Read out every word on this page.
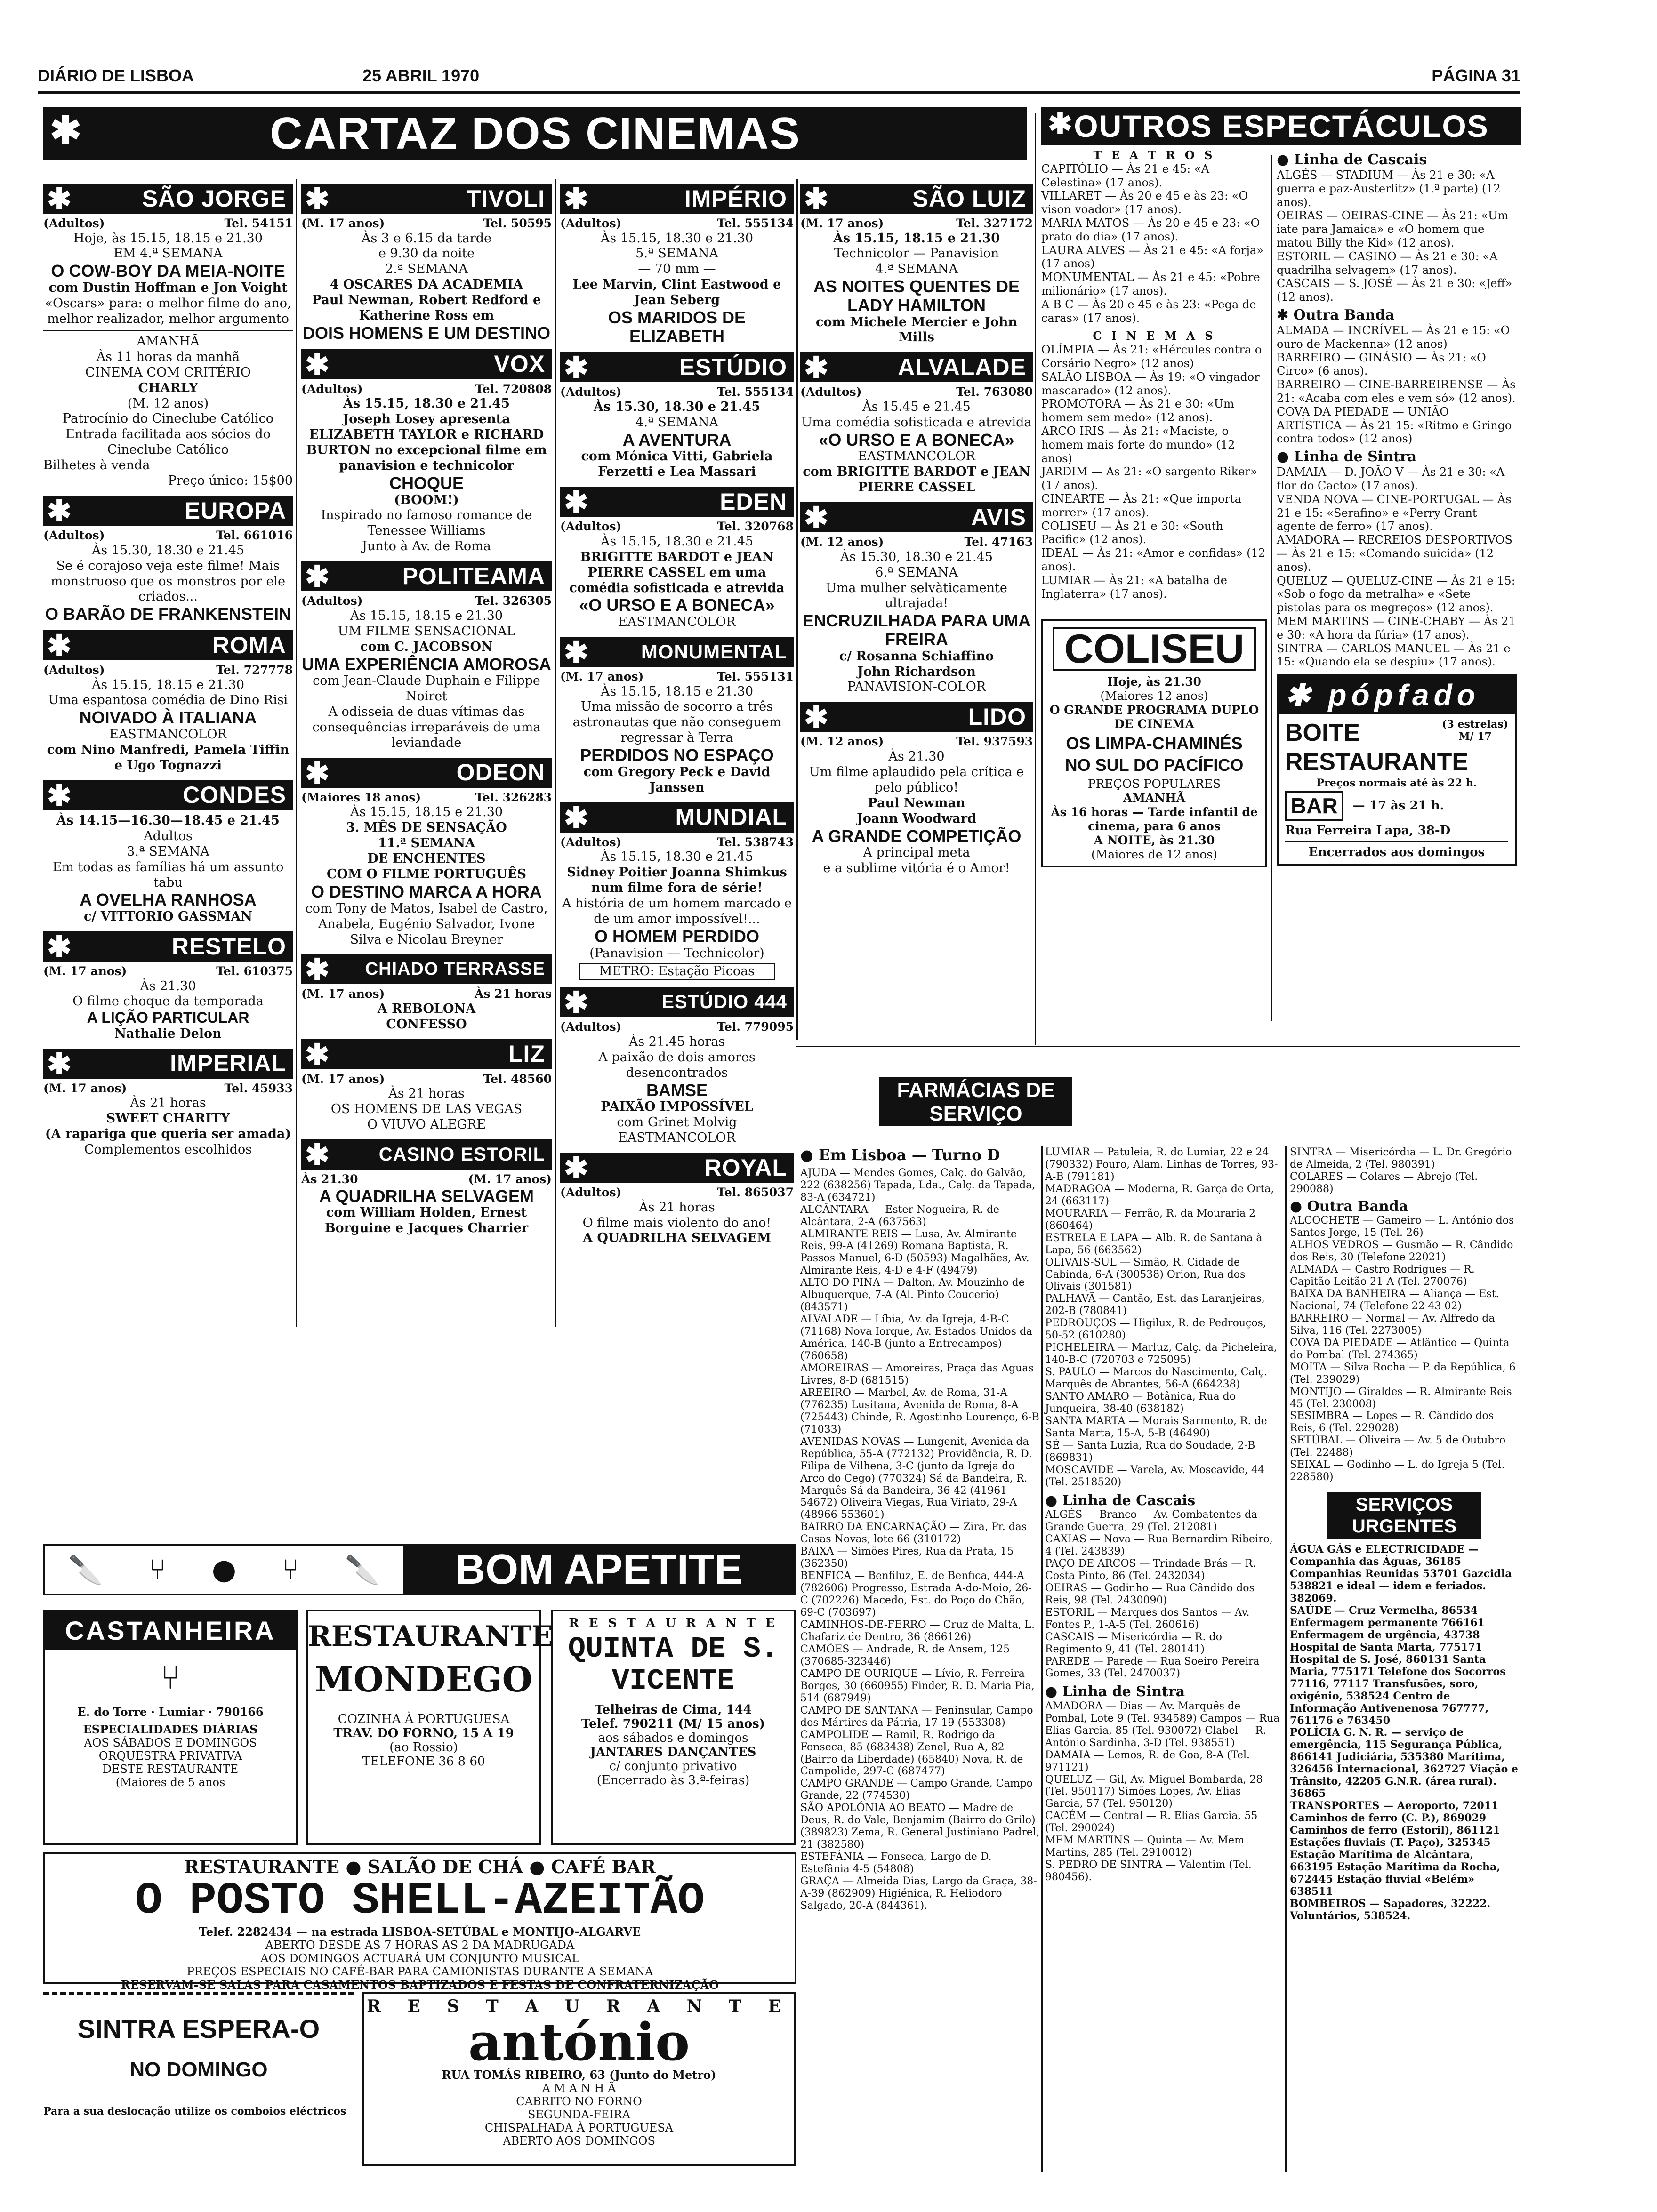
DIÁRIO DE LISBOA	25 ABRIL 1970	PÁGINA 31
✱	CARTAZ DOS CINEMAS	✱ OUTROS ESPECTÁCULOS
✱	SÃO JORGE
(Adultos)	Tel. 54151
Hoje, às 15.15, 18.15 e 21.30
EM 4.ª SEMANA
O COW-BOY DA MEIA-NOITE
com Dustin Hoffman e Jon Voight
«Oscars» para: o melhor filme do ano, melhor realizador, melhor argumento
AMANHÃ
Às 11 horas da manhã
CINEMA COM CRITÉRIO
CHARLY
(M. 12 anos)
Patrocínio do Cineclube Católico
Entrada facilitada aos sócios do Cineclube Católico
Bilhetes à venda
Preço único: 15$00
✱	EUROPA
(Adultos)	Tel. 661016
Às 15.30, 18.30 e 21.45
Se é corajoso veja este filme! Mais monstruoso que os monstros por ele criados...
O BARÃO DE FRANKENSTEIN
✱	ROMA
(Adultos)	Tel. 727778
Às 15.15, 18.15 e 21.30
Uma espantosa comédia de Dino Risi
NOIVADO À ITALIANA
EASTMANCOLOR
com Nino Manfredi, Pamela Tiffin e Ugo Tognazzi
✱	CONDES
Às 14.15—16.30—18.45 e 21.45
Adultos
3.ª SEMANA
Em todas as famílias há um assunto tabu
A OVELHA RANHOSA
c/ VITTORIO GASSMAN
✱	RESTELO
(M. 17 anos)	Tel. 610375
Às 21.30
O filme choque da temporada
A LIÇÃO PARTICULAR
Nathalie Delon
✱	IMPERIAL
(M. 17 anos)	Tel. 45933
Às 21 horas
SWEET CHARITY
(A rapariga que queria ser amada)
Complementos escolhidos
✱	TIVOLI
(M. 17 anos)	Tel. 50595
Às 3 e 6.15 da tarde
e 9.30 da noite
2.ª SEMANA
4 OSCARES DA ACADEMIA
Paul Newman, Robert Redford e Katherine Ross em
DOIS HOMENS E UM DESTINO
✱	VOX
(Adultos)	Tel. 720808
Às 15.15, 18.30 e 21.45
Joseph Losey apresenta ELIZABETH TAYLOR e RICHARD BURTON no excepcional filme em panavision e technicolor
CHOQUE
(BOOM!)
Inspirado no famoso romance de Tenessee Williams
Junto à Av. de Roma
✱	POLITEAMA
(Adultos)	Tel. 326305
Às 15.15, 18.15 e 21.30
UM FILME SENSACIONAL
com C. JACOBSON
UMA EXPERIÊNCIA AMOROSA
com Jean-Claude Duphain e Filippe Noiret
A odisseia de duas vítimas das consequências irreparáveis de uma leviandade
✱	ODEON
(Maiores 18 anos)	Tel. 326283
Às 15.15, 18.15 e 21.30
3. MÊS DE SENSAÇÃO
11.ª SEMANA
DE ENCHENTES
COM O FILME PORTUGUÊS
O DESTINO MARCA A HORA
com Tony de Matos, Isabel de Castro, Anabela, Eugénio Salvador, Ivone Silva e Nicolau Breyner
✱ CHIADO TERRASSE
(M. 17 anos)	Às 21 horas
A REBOLONA
CONFESSO
✱	LIZ
(M. 17 anos)	Tel. 48560
Às 21 horas
OS HOMENS DE LAS VEGAS
O VIUVO ALEGRE
✱	CASINO ESTORIL
Às 21.30	(M. 17 anos)
A QUADRILHA SELVAGEM
com William Holden, Ernest Borguine e Jacques Charrier
✱	IMPÉRIO
(Adultos)	Tel. 555134
Às 15.15, 18.30 e 21.30
5.ª SEMANA
— 70 mm —
Lee Marvin, Clint Eastwood e Jean Seberg
OS MARIDOS DE ELIZABETH
✱	ESTÚDIO
(Adultos)	Tel. 555134
Às 15.30, 18.30 e 21.45
4.ª SEMANA
A AVENTURA
com Mónica Vitti, Gabriela Ferzetti e Lea Massari
✱	EDEN
(Adultos)	Tel. 320768
Às 15.15, 18.30 e 21.45
BRIGITTE BARDOT e JEAN PIERRE CASSEL em uma comédia sofisticada e atrevida
«O URSO E A BONECA»
EASTMANCOLOR
✱	MONUMENTAL
(M. 17 anos)	Tel. 555131
Às 15.15, 18.15 e 21.30
Uma missão de socorro a três astronautas que não conseguem regressar à Terra
PERDIDOS NO ESPAÇO
com Gregory Peck e David Janssen
✱	MUNDIAL
(Adultos)	Tel. 538743
Às 15.15, 18.30 e 21.45
Sidney Poitier Joanna Shimkus num filme fora de série!
A história de um homem marcado e de um amor impossível!...
O HOMEM PERDIDO
(Panavision — Technicolor)
METRO: Estação Picoas
✱	ESTÚDIO 444
(Adultos)	Tel. 779095
Às 21.45 horas
A paixão de dois amores desencontrados
BAMSE
PAIXÃO IMPOSSÍVEL
com Grinet Molvig
EASTMANCOLOR
✱	ROYAL
(Adultos)	Tel. 865037
Às 21 horas
O filme mais violento do ano!
A QUADRILHA SELVAGEM
✱	SÃO LUIZ
(M. 17 anos)	Tel. 327172
Às 15.15, 18.15 e 21.30
Technicolor — Panavision
4.ª SEMANA
AS NOITES QUENTES DE LADY HAMILTON
com Michele Mercier e John Mills
✱	ALVALADE
(Adultos)	Tel. 763080
Às 15.45 e 21.45
Uma comédia sofisticada e atrevida
«O URSO E A BONECA»
EASTMANCOLOR
com BRIGITTE BARDOT e JEAN PIERRE CASSEL
✱	AVIS
(M. 12 anos)	Tel. 47163
Às 15.30, 18.30 e 21.45
6.ª SEMANA
Uma mulher selvàticamente ultrajada!
ENCRUZILHADA PARA UMA FREIRA
c/ Rosanna Schiaffino
John Richardson
PANAVISION-COLOR
✱	LIDO
(M. 12 anos)	Tel. 937593
Às 21.30
Um filme aplaudido pela crítica e pelo público!
Paul Newman
Joann Woodward
A GRANDE COMPETIÇÃO
A principal meta
e a sublime vitória é o Amor!
T E A T R O S
CAPITÓLIO — Às 21 e 45: «A Celestina» (17 anos).
VILLARET — Às 20 e 45 e às 23: «O vison voador» (17 anos).
MARIA MATOS — Às 20 e 45 e 23: «O prato do dia» (17 anos).
LAURA ALVES — Às 21 e 45: «A forja» (17 anos)
MONUMENTAL — Às 21 e 45: «Pobre milionário» (17 anos).
A B C — Às 20 e 45 e às 23: «Pega de caras» (17 anos).
C I N E M A S
OLÍMPIA — Às 21: «Hércules contra o Corsário Negro» (12 anos)
SALÃO LISBOA — Às 19: «O vingador mascarado» (12 anos).
PROMOTORA — Às 21 e 30: «Um homem sem medo» (12 anos).
ARCO IRIS — Às 21: «Maciste, o homem mais forte do mundo» (12 anos)
JARDIM — Às 21: «O sargento Riker» (17 anos).
CINEARTE — Às 21: «Que importa morrer» (17 anos).
COLISEU — Às 21 e 30: «South Pacific» (12 anos).
IDEAL — Às 21: «Amor e confidas» (12 anos).
LUMIAR — Às 21: «A batalha de Inglaterra» (17 anos).
COLISEU
Hoje, às 21.30
(Maiores 12 anos)
O GRANDE PROGRAMA DUPLO DE CINEMA
OS LIMPA-CHAMINÉS
NO SUL DO PACÍFICO
PREÇOS POPULARES
AMANHÃ
Às 16 horas — Tarde infantil de cinema, para 6 anos
A NOITE, às 21.30
(Maiores de 12 anos)
● Linha de Cascais
ALGÉS — STADIUM — Às 21 e 30: «A guerra e paz-Austerlitz» (1.ª parte) (12 anos).
OEIRAS — OEIRAS-CINE — Às 21: «Um iate para Jamaica» e «O homem que matou Billy the Kid» (12 anos).
ESTORIL — CASINO — Às 21 e 30: «A quadrilha selvagem» (17 anos).
CASCAIS — S. JOSÉ — Às 21 e 30: «Jeff» (12 anos).
✱ Outra Banda
ALMADA — INCRÍVEL — Às 21 e 15: «O ouro de Mackenna» (12 anos)
BARREIRO — GINÁSIO — Às 21: «O Circo» (6 anos).
BARREIRO — CINE-BARREIRENSE — Às 21: «Acaba com eles e vem só» (12 anos).
COVA DA PIEDADE — UNIÃO ARTÍSTICA — Às 21 15: «Ritmo e Gringo contra todos» (12 anos)
● Linha de Sintra
DAMAIA — D. JOÃO V — Às 21 e 30: «A flor do Cacto» (17 anos).
VENDA NOVA — CINE-PORTUGAL — Às 21 e 15: «Serafino» e «Perry Grant agente de ferro» (17 anos).
AMADORA — RECREIOS DESPORTIVOS — Às 21 e 15: «Comando suicida» (12 anos).
QUELUZ — QUELUZ-CINE — Às 21 e 15: «Sob o fogo da metralha» e «Sete pistolas para os megreços» (12 anos).
MEM MARTINS — CINE-CHABY — Às 21 e 30: «A hora da fúria» (17 anos).
SINTRA — CARLOS MANUEL — Às 21 e 15: «Quando ela se despiu» (17 anos).
✱ pópfado
BOITE	(3 estrelas)
M/ 17
RESTAURANTE
Preços normais até às 22 h.
BAR	— 17 às 21 h.
Rua Ferreira Lapa, 38-D
Encerrados aos domingos
FARMÁCIAS DE SERVIÇO
● Em Lisboa — Turno D
AJUDA — Mendes Gomes, Calç. do Galvão, 222 (638256) Tapada, Lda., Calç. da Tapada, 83-A (634721)
ALCÂNTARA — Ester Nogueira, R. de Alcântara, 2-A (637563)
ALMIRANTE REIS — Lusa, Av. Almirante Reis, 99-A (41269) Romana Baptista, R. Passos Manuel, 6-D (50593) Magalhães, Av. Almirante Reis, 4-D e 4-F (49479)
ALTO DO PINA — Dalton, Av. Mouzinho de Albuquerque, 7-A (Al. Pinto Coucerio) (843571)
ALVALADE — Líbia, Av. da Igreja, 4-B-C (71168) Nova Iorque, Av. Estados Unidos da América, 140-B (junto a Entrecampos) (760658)
AMOREIRAS — Amoreiras, Praça das Águas Livres, 8-D (681515)
AREEIRO — Marbel, Av. de Roma, 31-A (776235) Lusitana, Avenida de Roma, 8-A (725443) Chinde, R. Agostinho Lourenço, 6-B (71033)
AVENIDAS NOVAS — Lungenit, Avenida da República, 55-A (772132) Providência, R. D. Filipa de Vilhena, 3-C (junto da Igreja do Arco do Cego) (770324) Sá da Bandeira, R. Marquês Sá da Bandeira, 36-42 (41961-54672) Oliveira Viegas, Rua Viriato, 29-A (48966-553601)
BAIRRO DA ENCARNAÇÃO — Zira, Pr. das Casas Novas, lote 66 (310172)
BAIXA — Simões Pires, Rua da Prata, 15 (362350)
BENFICA — Benfiluz, E. de Benfica, 444-A (782606) Progresso, Estrada A-do-Moio, 26-C (702226) Macedo, Est. do Poço do Chão, 69-C (703697)
CAMINHOS-DE-FERRO — Cruz de Malta, L. Chafariz de Dentro, 36 (866126)
CAMÕES — Andrade, R. de Ansem, 125 (370685-323446)
CAMPO DE OURIQUE — Lívio, R. Ferreira Borges, 30 (660955) Finder, R. D. Maria Pia, 514 (687949)
CAMPO DE SANTANA — Peninsular, Campo dos Mártires da Pátria, 17-19 (553308)
CAMPOLIDE — Ramil, R. Rodrigo da Fonseca, 85 (683438) Zenel, Rua A, 82 (Bairro da Liberdade) (65840) Nova, R. de Campolide, 297-C (687477)
CAMPO GRANDE — Campo Grande, Campo Grande, 22 (774530)
SÃO APOLÓNIA AO BEATO — Madre de Deus, R. do Vale, Benjamim (Bairro do Grilo) (389823) Zema, R. General Justiniano Padrel, 21 (382580)
ESTEFÂNIA — Fonseca, Largo de D. Estefânia 4-5 (54808)
GRAÇA — Almeida Dias, Largo da Graça, 38-A-39 (862909) Higiénica, R. Heliodoro Salgado, 20-A (844361).
LUMIAR — Patuleia, R. do Lumiar, 22 e 24 (790332) Pouro, Alam. Linhas de Torres, 93-A-B (791181)
MADRAGOA — Moderna, R. Garça de Orta, 24 (663117)
MOURARIA — Ferrão, R. da Mouraria 2 (860464)
ESTRELA E LAPA — Alb, R. de Santana à Lapa, 56 (663562)
OLIVAIS-SUL — Simão, R. Cidade de Cabinda, 6-A (300538) Orion, Rua dos Olivais (301581)
PALHAVÃ — Cantão, Est. das Laranjeiras, 202-B (780841)
PEDROUÇOS — Higilux, R. de Pedrouços, 50-52 (610280)
PICHELEIRA — Marluz, Calç. da Picheleira, 140-B-C (720703 e 725095)
S. PAULO — Marcos do Nascimento, Calç. Marquês de Abrantes, 56-A (664238)
SANTO AMARO — Botânica, Rua do Junqueira, 38-40 (638182)
SANTA MARTA — Morais Sarmento, R. de Santa Marta, 15-A, 5-B (46490)
SÉ — Santa Luzia, Rua do Soudade, 2-B (869831)
MOSCAVIDE — Varela, Av. Moscavide, 44 (Tel. 2518520)
● Linha de Cascais
ALGÉS — Branco — Av. Combatentes da Grande Guerra, 29 (Tel. 212081)
CAXIAS — Nova — Rua Bernardim Ribeiro, 4 (Tel. 243839)
PAÇO DE ARCOS — Trindade Brás — R. Costa Pinto, 86 (Tel. 2432034)
OEIRAS — Godinho — Rua Cândido dos Reis, 98 (Tel. 2430090)
ESTORIL — Marques dos Santos — Av. Fontes P., 1-A-5 (Tel. 260616)
CASCAIS — Misericórdia — R. do Regimento 9, 41 (Tel. 280141)
PAREDE — Parede — Rua Soeiro Pereira Gomes, 33 (Tel. 2470037)
● Linha de Sintra
AMADORA — Dias — Av. Marquês de Pombal, Lote 9 (Tel. 934589) Campos — Rua Elias Garcia, 85 (Tel. 930072) Clabel — R. António Sardinha, 3-D (Tel. 938551)
DAMAIA — Lemos, R. de Goa, 8-A (Tel. 971121)
QUELUZ — Gil, Av. Miguel Bombarda, 28 (Tel. 950117) Simões Lopes, Av. Elias Garcia, 57 (Tel. 950120)
CACÉM — Central — R. Elias Garcia, 55 (Tel. 290024)
MEM MARTINS — Quinta — Av. Mem Martins, 285 (Tel. 2910012)
S. PEDRO DE SINTRA — Valentim (Tel. 980456).
SINTRA — Misericórdia — L. Dr. Gregório de Almeida, 2 (Tel. 980391)
COLARES — Colares — Abrejo (Tel. 290088)
● Outra Banda
ALCOCHETE — Gameiro — L. António dos Santos Jorge, 15 (Tel. 26)
ALHOS VEDROS — Gusmão — R. Cândido dos Reis, 30 (Telefone 22021)
ALMADA — Castro Rodrigues — R. Capitão Leitão 21-A (Tel. 270076)
BAIXA DA BANHEIRA — Aliança — Est. Nacional, 74 (Telefone 22 43 02)
BARREIRO — Normal — Av. Alfredo da Silva, 116 (Tel. 2273005)
COVA DA PIEDADE — Atlântico — Quinta do Pombal (Tel. 274365)
MOITA — Silva Rocha — P. da República, 6 (Tel. 239029)
MONTIJO — Giraldes — R. Almirante Reis 45 (Tel. 230008)
SESIMBRA — Lopes — R. Cândido dos Reis, 6 (Tel. 229028)
SETÚBAL — Oliveira — Av. 5 de Outubro (Tel. 22488)
SEIXAL — Godinho — L. do Igreja 5 (Tel. 228580)
SERVIÇOS URGENTES
ÁGUA GÁS e ELECTRICIDADE — Companhia das Águas, 36185 Companhias Reunidas 53701 Gazcidla 538821 e ideal — idem e feriados. 382069.
SAÚDE — Cruz Vermelha, 86534 Enfermagem permanente 766161 Enfermagem de urgência, 43738 Hospital de Santa Marta, 775171 Hospital de S. José, 860131 Santa Maria, 775171 Telefone dos Socorros 77116, 77117 Transfusões, soro, oxigénio, 538524 Centro de Informação Antivenenosa 767777, 761176 e 763450
POLÍCIA G. N. R. — serviço de emergência, 115 Segurança Pública, 866141 Judiciária, 535380 Marítima, 326456 Internacional, 362727 Viação e Trânsito, 42205 G.N.R. (área rural). 36865
TRANSPORTES — Aeroporto, 72011 Caminhos de ferro (C. P.), 869029 Caminhos de ferro (Estoril), 861121 Estações fluviais (T. Paço), 325345 Estação Marítima de Alcântara, 663195 Estação Marítima da Rocha, 672445 Estação fluvial «Belém» 638511
BOMBEIROS — Sapadores, 32222. Voluntários, 538524.
🔪 ⑂ ● ⑂ 🔪	BOM APETITE
CASTANHEIRA
⑂
E. do Torre · Lumiar · 790166
ESPECIALIDADES DIÁRIAS
AOS SÁBADOS E DOMINGOS
ORQUESTRA PRIVATIVA
DESTE RESTAURANTE
(Maiores de 5 anos
RESTAURANTE
MONDEGO
COZINHA À PORTUGUESA
TRAV. DO FORNO, 15 A 19
(ao Rossio)
TELEFONE 36 8 60
R E S T A U R A N T E
QUINTA DE S. VICENTE
Telheiras de Cima, 144
Telef. 790211 (M/ 15 anos)
aos sábados e domingos
JANTARES DANÇANTES
c/ conjunto privativo
(Encerrado às 3.ª-feiras)
RESTAURANTE ● SALÃO DE CHÁ ● CAFÉ BAR
O POSTO SHELL-AZEITÃO
Telef. 2282434 — na estrada LISBOA-SETÚBAL e MONTIJO-ALGARVE
ABERTO DESDE AS 7 HORAS AS 2 DA MADRUGADA
AOS DOMINGOS ACTUARÁ UM CONJUNTO MUSICAL
PREÇOS ESPECIAIS NO CAFÉ-BAR PARA CAMIONISTAS DURANTE A SEMANA
RESERVAM-SE SALAS PARA CASAMENTOS BAPTIZADOS E FESTAS DE CONFRATERNIZAÇÃO
SINTRA ESPERA-O
NO DOMINGO
Para a sua deslocação utilize os comboios eléctricos
R E S T A U R A N T E
antónio
RUA TOMÁS RIBEIRO, 63 (Junto do Metro)
A M A N H Ã
CABRITO NO FORNO
SEGUNDA-FEIRA
CHISPALHADA À PORTUGUESA
ABERTO AOS DOMINGOS
